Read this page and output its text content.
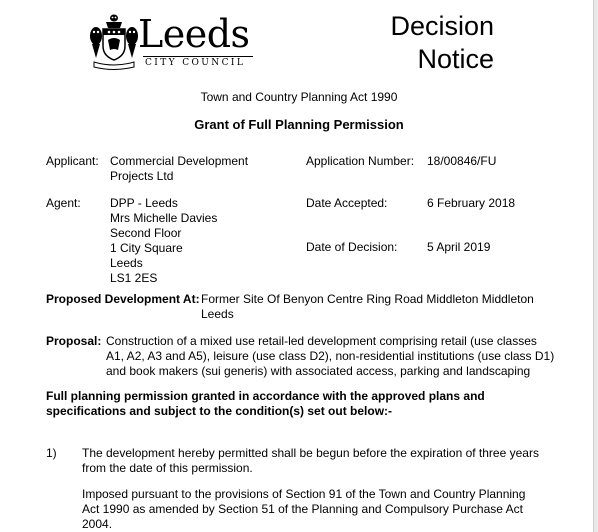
Leeds
CITY COUNCIL
Decision
Notice
Town and Country Planning Act 1990
Grant of Full Planning Permission
Applicant: Commercial Development
Projects Ltd
Application Number: 18/00846/FU
Agent: DPP - Leeds
Mrs Michelle Davies
Second Floor
1 City Square
Leeds
LS1 2ES
Date Accepted:	6 February 2018
Date of Decision: 5 April 2019
Proposed Development At: Former Site Of Benyon Centre Ring Road Middleton Middleton
Leeds
Proposal: Construction of a mixed use retail-led development comprising retail (use classes
A1, A2, A3 and A5), leisure (use class D2), non-residential institutions (use class D1)
and book makers (sui generis) with associated access, parking and landscaping
Full planning permission granted in accordance with the approved plans and
specifications and subject to the condition(s) set out below:-
1) The development hereby permitted shall be begun before the expiration of three years
from the date of this permission.
Imposed pursuant to the provisions of Section 91 of the Town and Country Planning
Act 1990 as amended by Section 51 of the Planning and Compulsory Purchase Act
2004.
